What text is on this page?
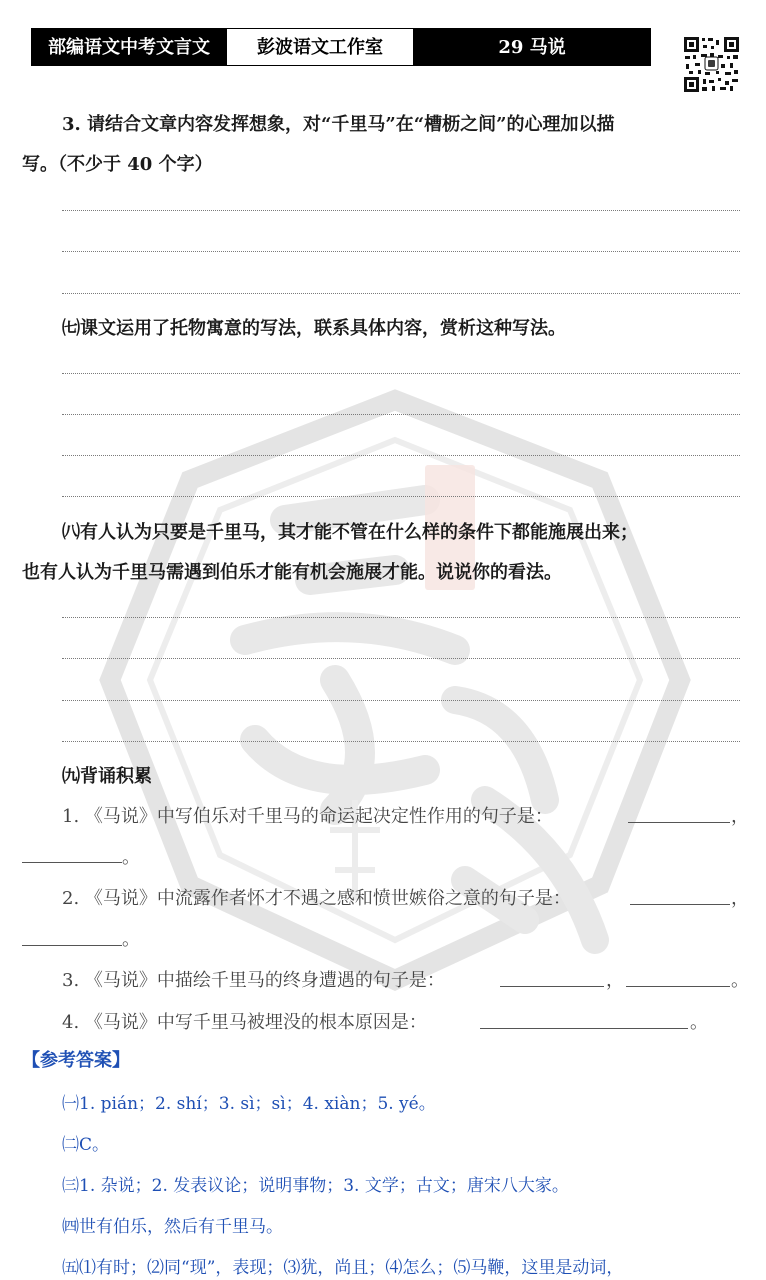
部编语文中考文言文	彭波语文工作室	29 马说
3. 请结合文章内容发挥想象，对“千里马”在“槽枥之间”的心理加以描
写。（不少于 40 个字）
㈦课文运用了托物寓意的写法，联系具体内容，赏析这种写法。
㈧有人认为只要是千里马，其才能不管在什么样的条件下都能施展出来；
也有人认为千里马需遇到伯乐才能有机会施展才能。说说你的看法。
㈨背诵积累
1. 《马说》中写伯乐对千里马的命运起决定性作用的句子是：	，
。
2. 《马说》中流露作者怀才不遇之感和愤世嫉俗之意的句子是：	，
。
3. 《马说》中描绘千里马的终身遭遇的句子是：	，	。
4. 《马说》中写千里马被埋没的根本原因是：	。
【参考答案】
㈠1. pián；2. shí；3. sì；sì；4. xiàn；5. yé。
㈡C。
㈢1. 杂说；2. 发表议论；说明事物；3. 文学；古文；唐宋八大家。
㈣世有伯乐，然后有千里马。
㈤⑴有时；⑵同“现”，表现；⑶犹，尚且；⑷怎么；⑸马鞭，这里是动词，
